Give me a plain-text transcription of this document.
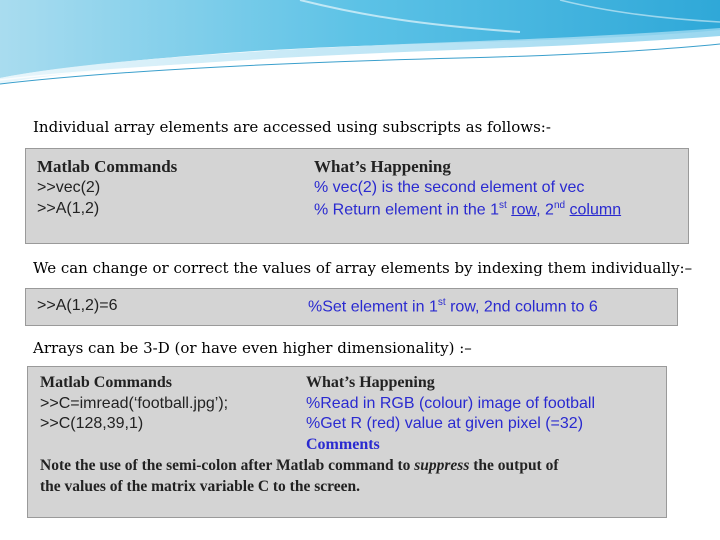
Individual array elements are accessed using subscripts as follows:-
Matlab Commands	What’s Happening
>>vec(2)	% vec(2) is the second element of vec
>>A(1,2)	% Return element in the 1st row, 2nd column
We can change or correct the values of array elements by indexing them individually:–
>>A(1,2)=6	%Set element in 1st row, 2nd column to 6
Arrays can be 3-D (or have even higher dimensionality) :–
Matlab Commands	What’s Happening
>>C=imread(‘football.jpg’);	%Read in RGB (colour) image of football
>>C(128,39,1)	%Get R (red) value at given pixel (=32)
Comments
Note the use of the semi-colon after Matlab command to suppress the output of
the values of the matrix variable C to the screen.
